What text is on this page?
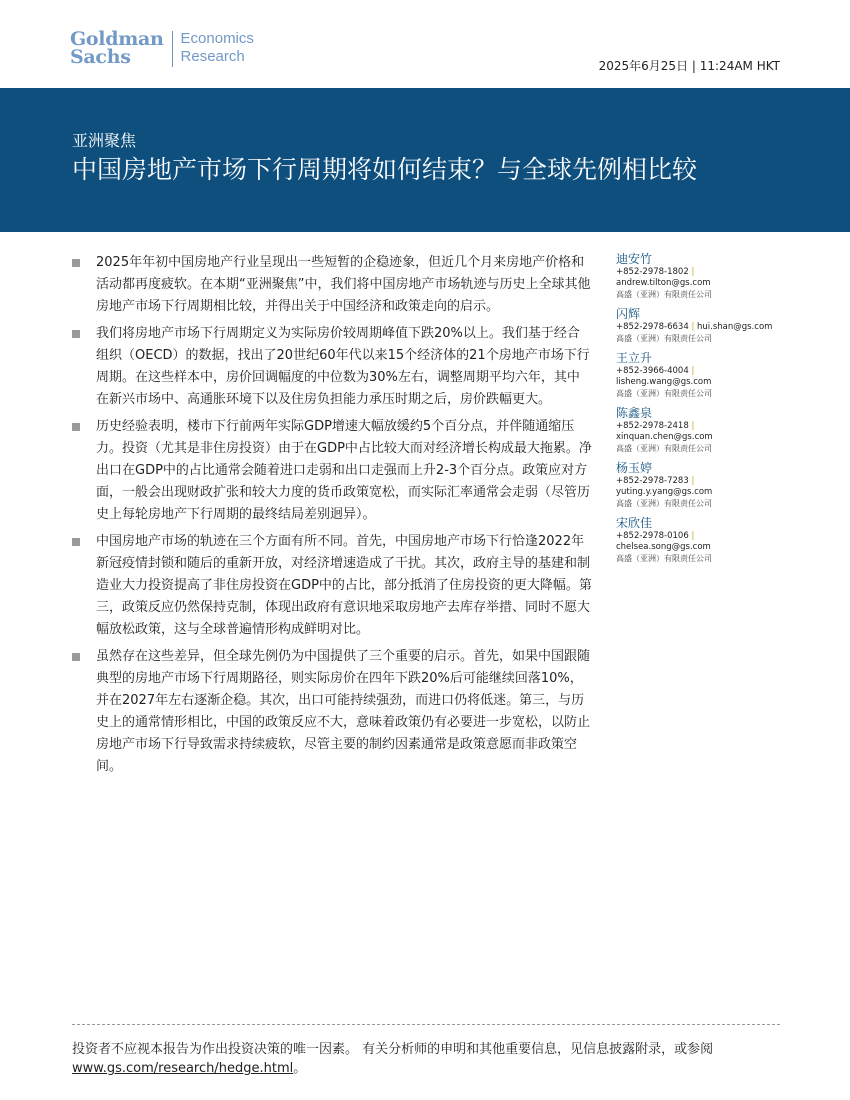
Goldman
Sachs
Economics
Research
2025年6月25日 | 11:24AM HKT
亚洲聚焦
中国房地产市场下行周期将如何结束？与全球先例相比较
2025年年初中国房地产行业呈现出一些短暂的企稳迹象，但近几个月来房地产价格和活动都再度疲软。在本期“亚洲聚焦”中，我们将中国房地产市场轨迹与历史上全球其他房地产市场下行周期相比较，并得出关于中国经济和政策走向的启示。
我们将房地产市场下行周期定义为实际房价较周期峰值下跌20%以上。我们基于经合组织（OECD）的数据，找出了20世纪60年代以来15个经济体的21个房地产市场下行周期。在这些样本中，房价回调幅度的中位数为30%左右，调整周期平均六年，其中在新兴市场中、高通胀环境下以及住房负担能力承压时期之后，房价跌幅更大。
历史经验表明，楼市下行前两年实际GDP增速大幅放缓约5个百分点，并伴随通缩压力。投资（尤其是非住房投资）由于在GDP中占比较大而对经济增长构成最大拖累。净出口在GDP中的占比通常会随着进口走弱和出口走强而上升2-3个百分点。政策应对方面，一般会出现财政扩张和较大力度的货币政策宽松，而实际汇率通常会走弱（尽管历史上每轮房地产下行周期的最终结局差别迥异）。
中国房地产市场的轨迹在三个方面有所不同。首先，中国房地产市场下行恰逢2022年新冠疫情封锁和随后的重新开放，对经济增速造成了干扰。其次，政府主导的基建和制造业大力投资提高了非住房投资在GDP中的占比，部分抵消了住房投资的更大降幅。第三，政策反应仍然保持克制，体现出政府有意识地采取房地产去库存举措、同时不愿大幅放松政策，这与全球普遍情形构成鲜明对比。
虽然存在这些差异，但全球先例仍为中国提供了三个重要的启示。首先，如果中国跟随典型的房地产市场下行周期路径，则实际房价在四年下跌20%后可能继续回落10%，并在2027年左右逐渐企稳。其次，出口可能持续强劲，而进口仍将低迷。第三，与历史上的通常情形相比，中国的政策反应不大，意味着政策仍有必要进一步宽松，以防止房地产市场下行导致需求持续疲软，尽管主要的制约因素通常是政策意愿而非政策空间。
迪安竹
+852-2978-1802 |
andrew.tilton@gs.com
高盛（亚洲）有限责任公司
闪辉
+852-2978-6634 | hui.shan@gs.com
高盛（亚洲）有限责任公司
王立升
+852-3966-4004 |
lisheng.wang@gs.com
高盛（亚洲）有限责任公司
陈鑫泉
+852-2978-2418 |
xinquan.chen@gs.com
高盛（亚洲）有限责任公司
杨玉婷
+852-2978-7283 |
yuting.y.yang@gs.com
高盛（亚洲）有限责任公司
宋欣佳
+852-2978-0106 |
chelsea.song@gs.com
高盛（亚洲）有限责任公司
投资者不应视本报告为作出投资决策的唯一因素。 有关分析师的申明和其他重要信息，见信息披露附录，或参阅www.gs.com/research/hedge.html。
